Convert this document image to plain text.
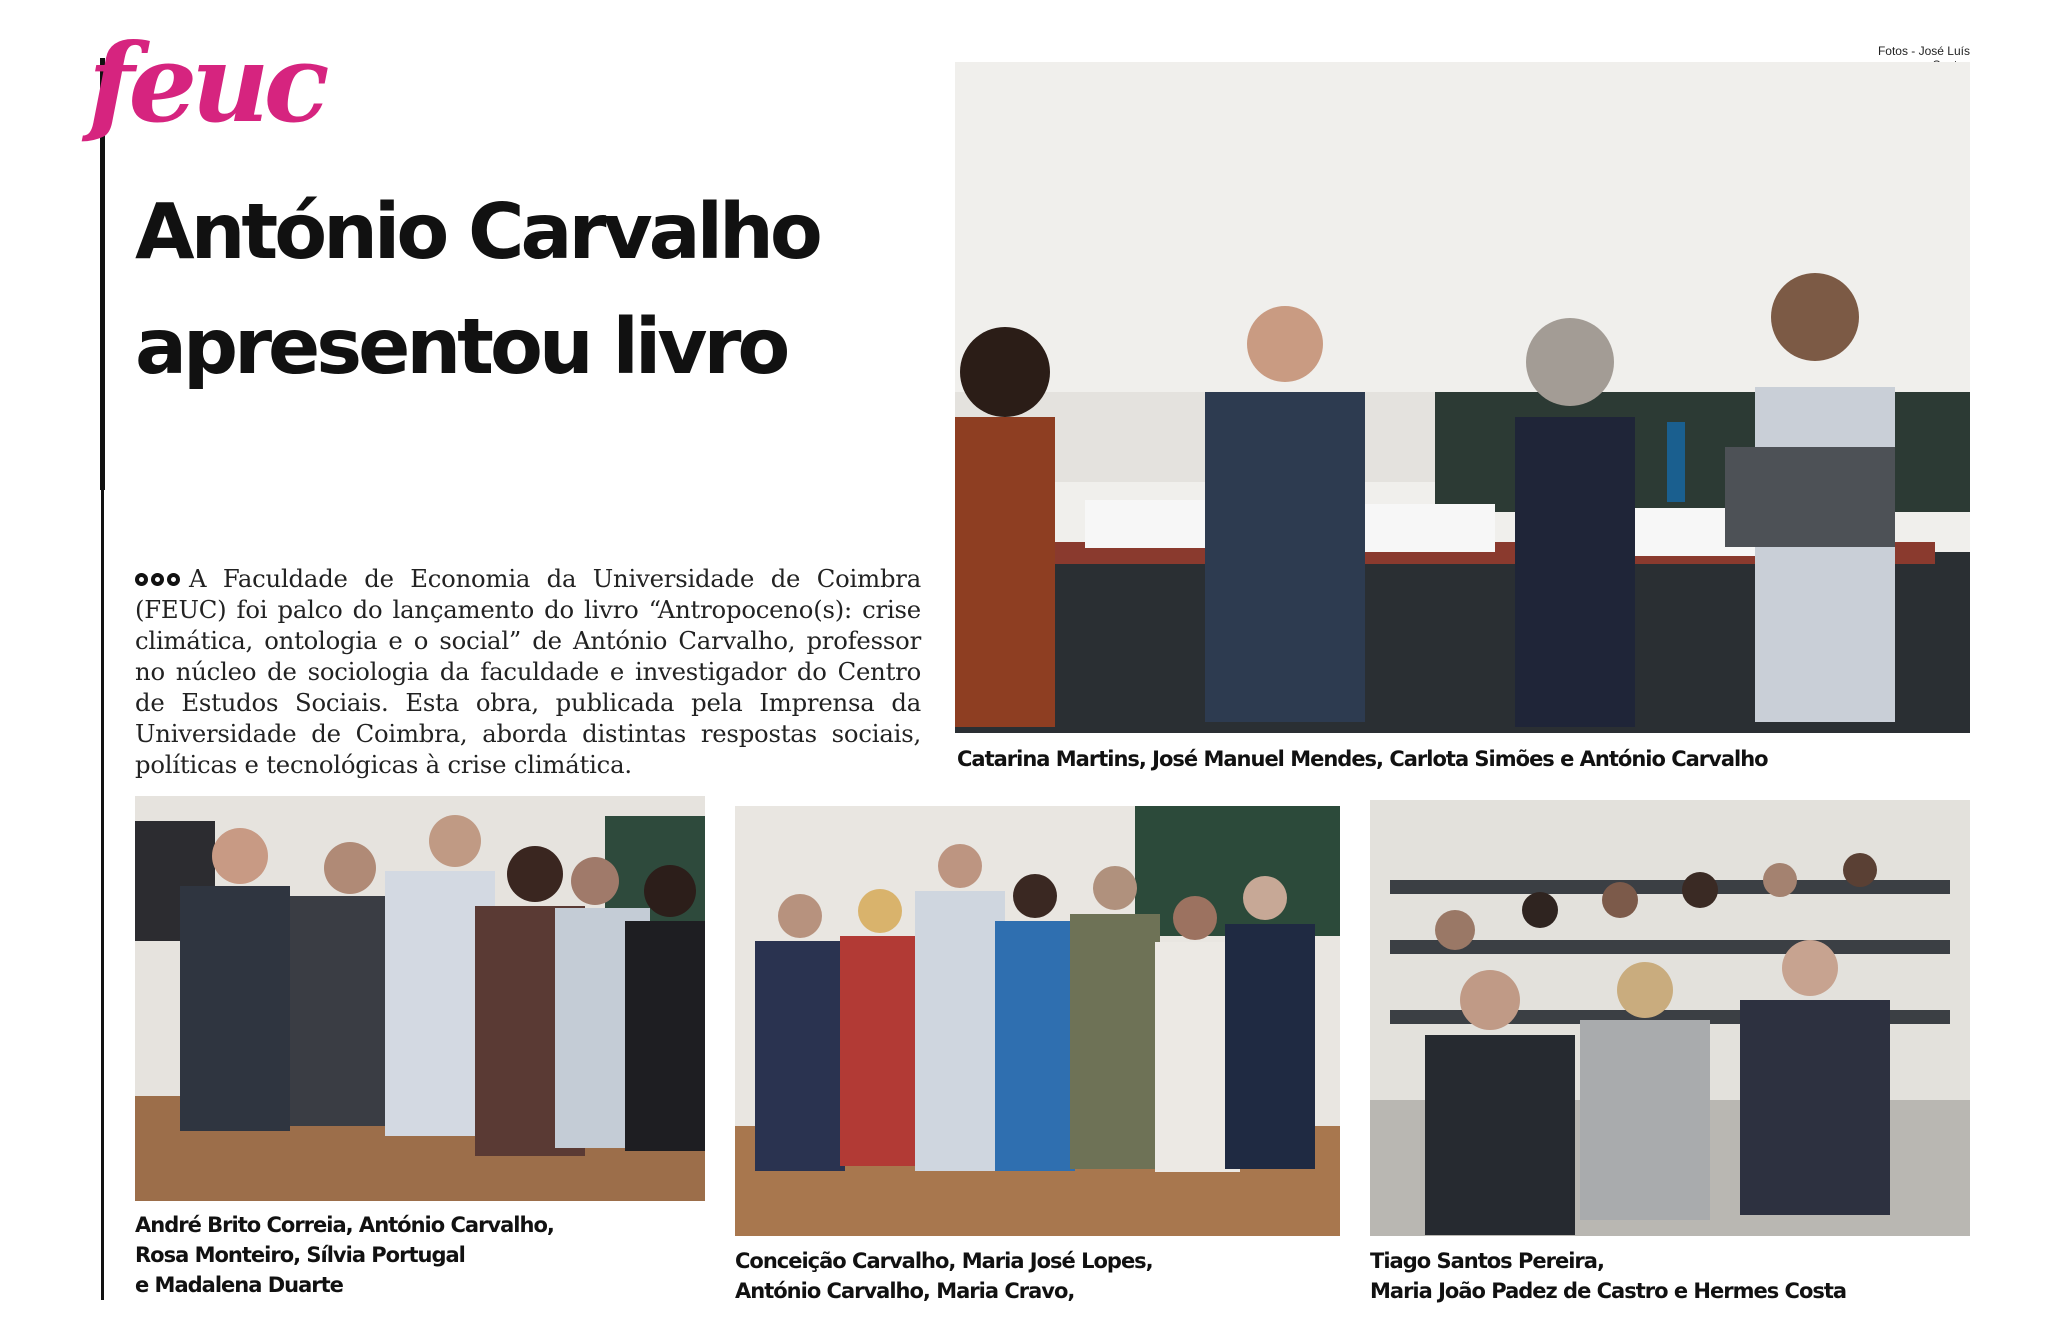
Fotos - José Luís
feuc
António Carvalho
apresentou livro
A Faculdade de Economia da Universidade de Coimbra (FEUC) foi palco do lançamento do livro “Antropoceno(s): crise climática, ontologia e o social” de António Carvalho, professor no núcleo de sociologia da faculdade e investigador do Centro de Estudos Sociais. Esta obra, publicada pela Imprensa da Universidade de Coimbra, aborda distintas respostas sociais, políticas e tecnológicas à crise climática.	Catarina Martins, José Manuel Mendes, Carlota Simões e António Carvalho
André Brito Correia, António Carvalho,
Rosa Monteiro, Sílvia Portugal
e Madalena Duarte
Conceição Carvalho, Maria José Lopes,
António Carvalho, Maria Cravo,
Tiago Santos Pereira,
Maria João Padez de Castro e Hermes Costa
